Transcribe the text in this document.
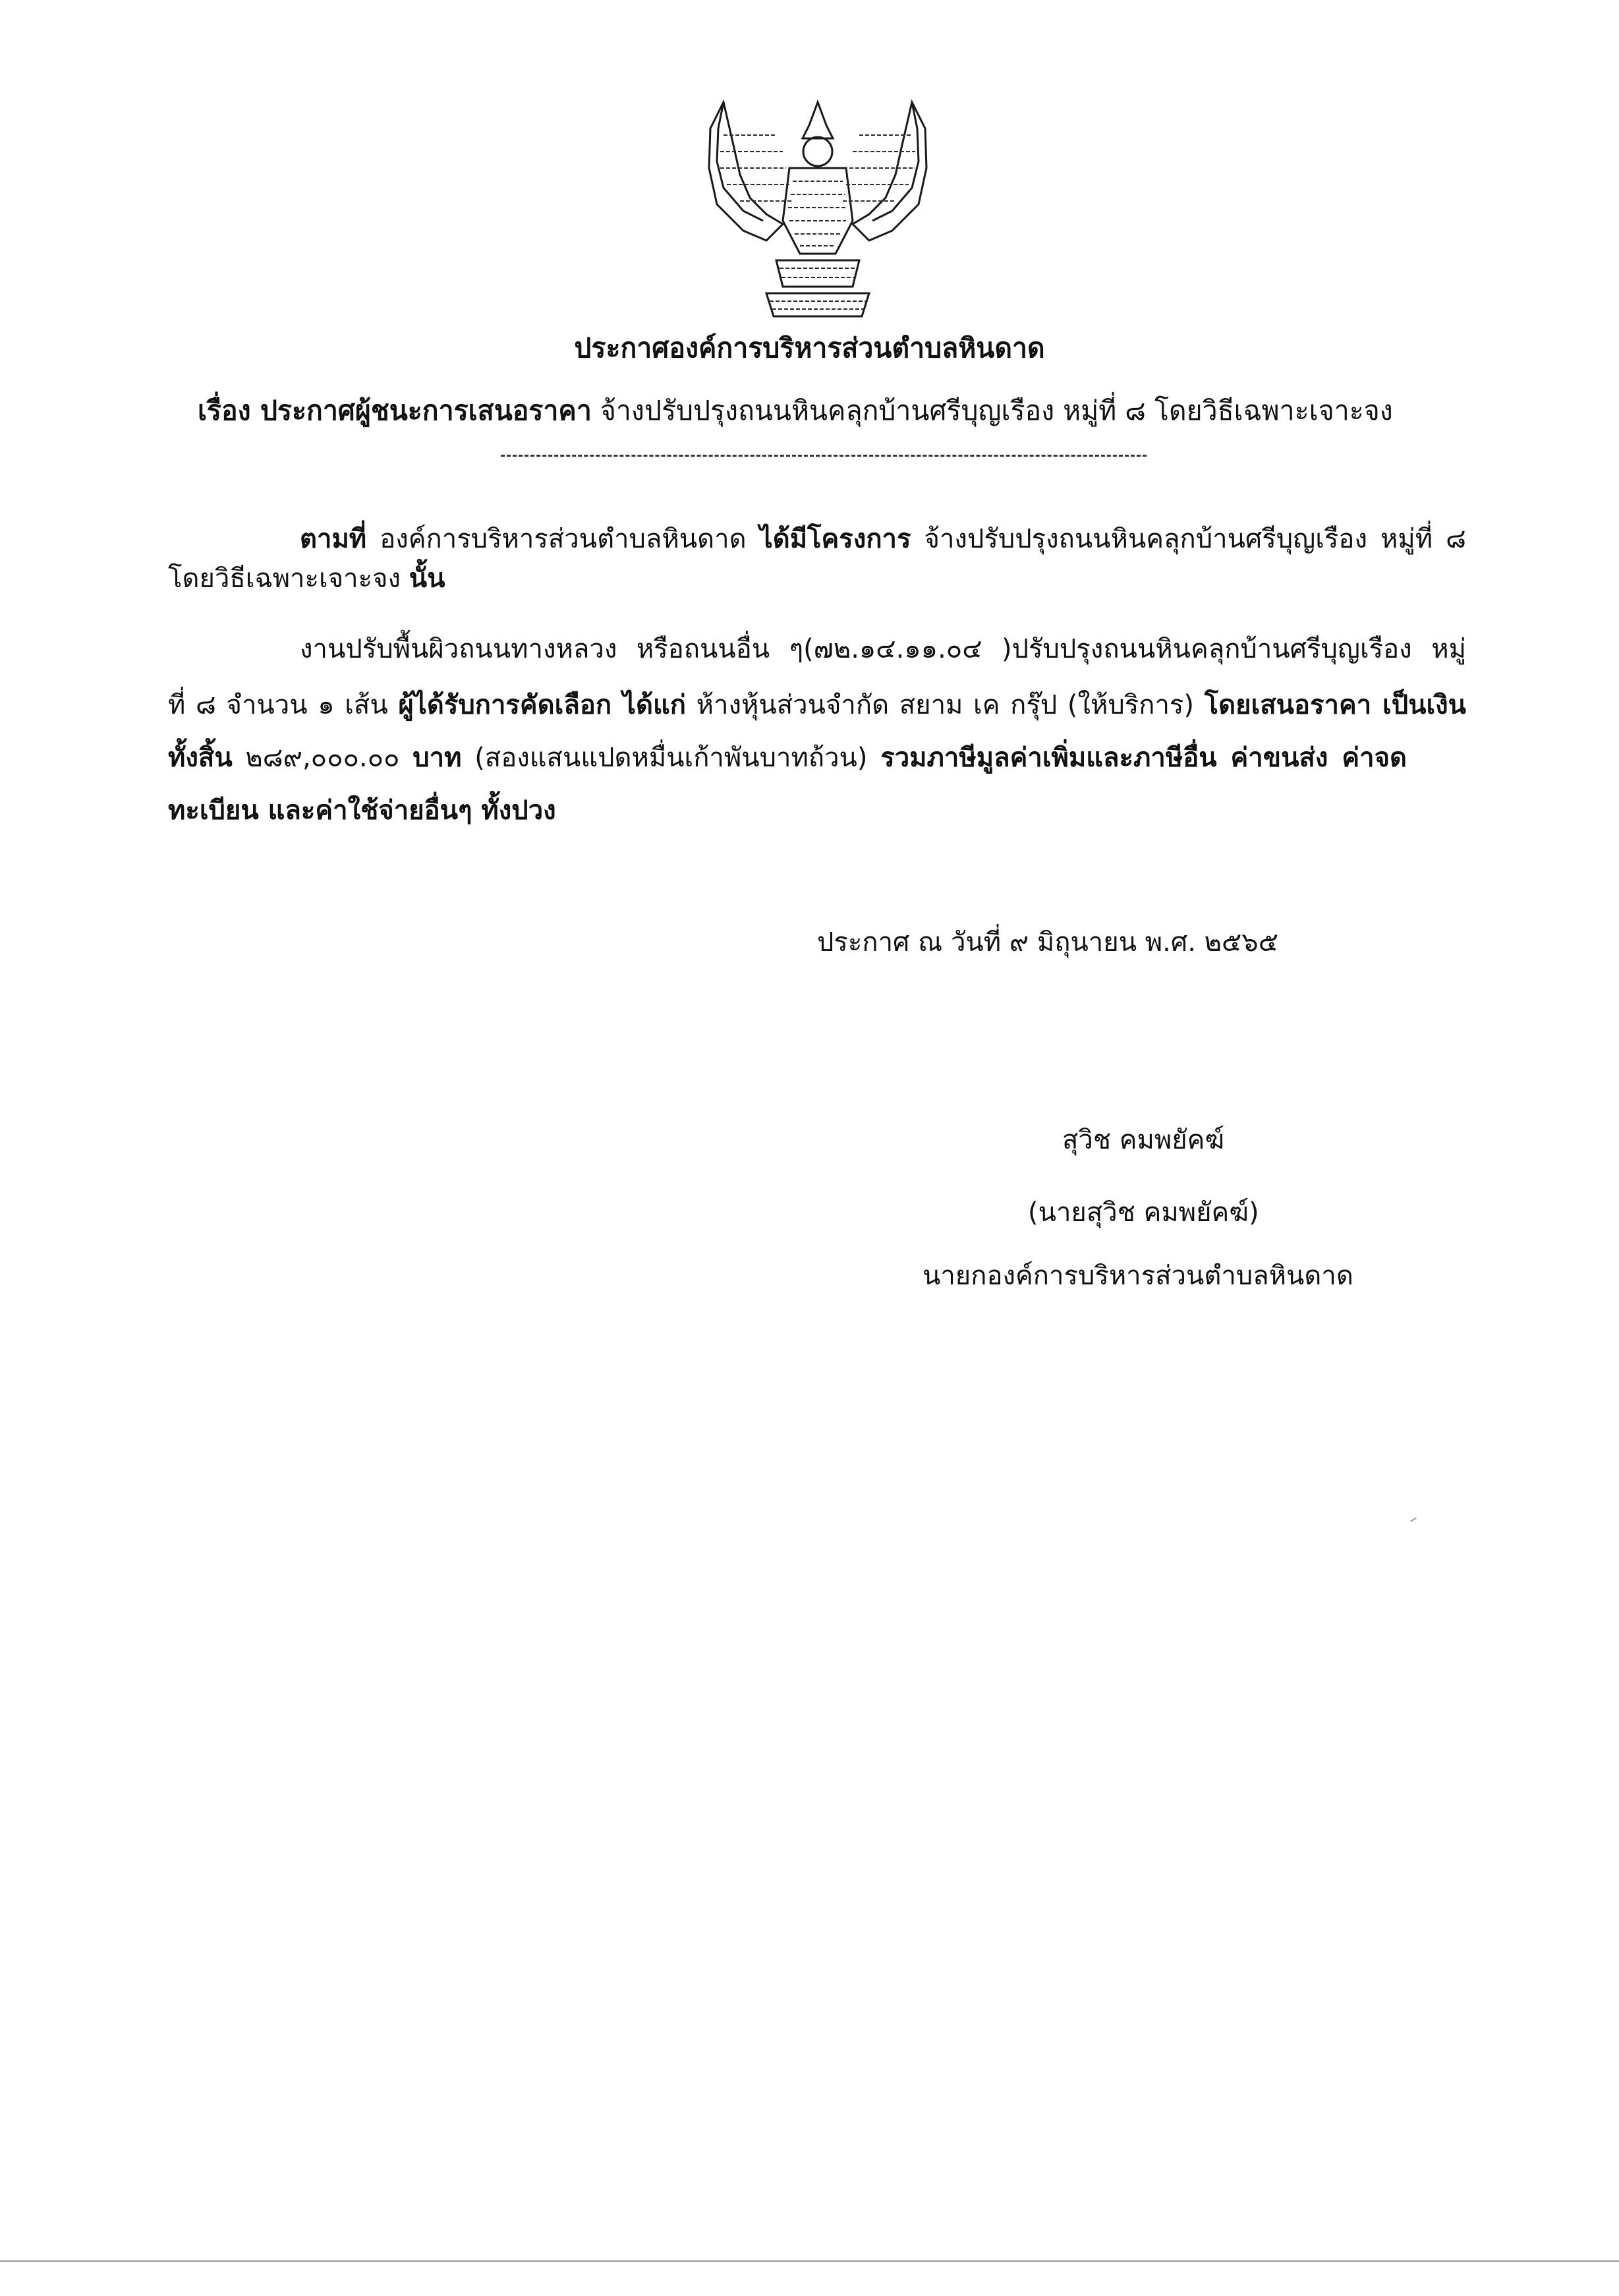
ประกาศองค์การบริหารส่วนตำบลหินดาด
เรื่อง ประกาศผู้ชนะการเสนอราคา จ้างปรับปรุงถนนหินคลุกบ้านศรีบุญเรือง หมู่ที่ ๘ โดยวิธีเฉพาะเจาะจง
ตามที่ องค์การบริหารส่วนตำบลหินดาด ได้มีโครงการ จ้างปรับปรุงถนนหินคลุกบ้านศรีบุญเรือง หมู่ที่ ๘
โดยวิธีเฉพาะเจาะจง นั้น
งานปรับพื้นผิวถนนทางหลวง หรือถนนอื่น ๆ(๗๒.๑๔.๑๑.๐๔ )ปรับปรุงถนนหินคลุกบ้านศรีบุญเรือง หมู่
ที่ ๘ จำนวน ๑ เส้น ผู้ได้รับการคัดเลือก ได้แก่ ห้างหุ้นส่วนจำกัด สยาม เค กรุ๊ป (ให้บริการ) โดยเสนอราคา เป็นเงิน
ทั้งสิ้น ๒๘๙,๐๐๐.๐๐ บาท (สองแสนแปดหมื่นเก้าพันบาทถ้วน) รวมภาษีมูลค่าเพิ่มและภาษีอื่น ค่าขนส่ง ค่าจด
ทะเบียน และค่าใช้จ่ายอื่นๆ ทั้งปวง
ประกาศ ณ วันที่ ๙ มิถุนายน พ.ศ. ๒๕๖๕
สุวิช คมพยัคฆ์
(นายสุวิช คมพยัคฆ์)
นายกองค์การบริหารส่วนตำบลหินดาด
